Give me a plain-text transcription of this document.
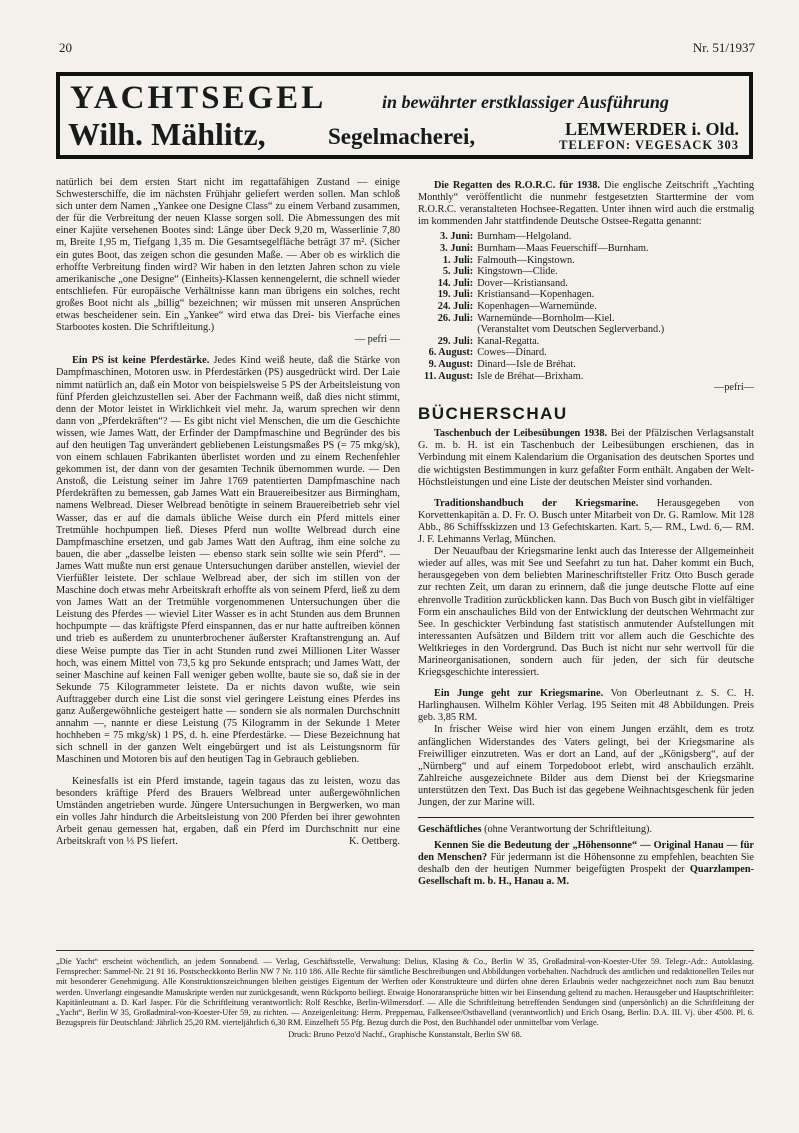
20	Nr. 51/1937
YACHTSEGEL	in bewährter erstklassiger Ausführung
Wilh. Mählitz,	Segelmacherei,	LEMWERDER i. Old.
TELEFON: VEGESACK 303

natürlich bei dem ersten Start nicht im regattafähigen Zustand — einige Schwesterschiffe, die im nächsten Frühjahr geliefert werden sollen. Man schloß sich unter dem Namen „Yankee one Designe Class“ zu einem Verband zusammen, der für die Verbreitung der neuen Klasse sorgen soll. Die Abmessungen des mit einer Kajüte versehenen Bootes sind: Länge über Deck 9,20 m, Wasserlinie 7,80 m, Breite 1,95 m, Tiefgang 1,35 m. Die Gesamtsegelfläche beträgt 37 m². (Sicher ein gutes Boot, das zeigen schon die gesunden Maße. — Aber ob es wirklich die erhoffte Verbreitung finden wird? Wir haben in den letzten Jahren schon zu viele amerikanische „one Designe“ (Einheits)-Klassen kennengelernt, die schnell wieder entschliefen. Für europäische Verhältnisse kann man übrigens ein solches, recht großes Boot nicht als „billig“ bezeichnen; wir müssen mit unseren Ansprüchen etwas bescheidener sein. Ein „Yankee“ wird etwa das Drei- bis Vierfache eines Starbootes kosten. Die Schriftleitung.)

— pefri —

Ein PS ist keine Pferdestärke. Jedes Kind weiß heute, daß die Stärke von Dampfmaschinen, Motoren usw. in Pferdestärken (PS) ausgedrückt wird. Der Laie nimmt natürlich an, daß ein Motor von beispielsweise 5 PS der Arbeitsleistung von fünf Pferden gleichzustellen sei. Aber der Fachmann weiß, daß dies nicht stimmt, denn der Motor leistet in Wirklichkeit viel mehr. Ja, warum sprechen wir denn dann von „Pferdekräften“? — Es gibt nicht viel Menschen, die um die Geschichte wissen, wie James Watt, der Erfinder der Dampfmaschine und Begründer des bis auf den heutigen Tag unverändert gebliebenen Leistungsmaßes PS (= 75 mkg/sk), von einem schlauen Fabrikanten überlistet worden und zu einem Rechenfehler gekommen ist, der dann von der gesamten Technik übernommen wurde. — Den Anstoß, die Leistung seiner im Jahre 1769 patentierten Dampfmaschine nach Pferdekräften zu bemessen, gab James Watt ein Brauereibesitzer aus Birmingham, namens Welbread. Dieser Welbread benötigte in seinem Brauereibetrieb sehr viel Wasser, das er auf die damals übliche Weise durch ein Pferd mittels einer Tretmühle hochpumpen ließ. Dieses Pferd nun wollte Welbread durch eine Dampfmaschine ersetzen, und gab James Watt den Auftrag, ihm eine solche zu bauen, die aber „dasselbe leisten — ebenso stark sein sollte wie sein Pferd“. — James Watt mußte nun erst genaue Untersuchungen darüber anstellen, wieviel der Vierfüßler leistete. Der schlaue Welbread aber, der sich im stillen von der Maschine doch etwas mehr Arbeitskraft erhoffte als von seinem Pferd, ließ zu dem von James Watt an der Tretmühle vorgenommenen Untersuchungen über die Leistung des Pferdes — wieviel Liter Wasser es in acht Stunden aus dem Brunnen hochpumpte — das kräftigste Pferd einspannen, das er nur hatte auftreiben können und trieb es außerdem zu ununterbrochener äußerster Kraftanstrengung an. Auf diese Weise pumpte das Tier in acht Stunden rund zwei Millionen Liter Wasser hoch, was einem Mittel von 73,5 kg pro Sekunde entsprach; und James Watt, der seiner Maschine auf keinen Fall weniger geben wollte, baute sie so, daß sie in der Sekunde 75 Kilogrammeter leistete. Da er nichts davon wußte, wie sein Auftraggeber durch eine List die sonst viel geringere Leistung eines Pferdes ins ganz Außergewöhnliche gesteigert hatte — sondern sie als normalen Durchschnitt annahm —, nannte er diese Leistung (75 Kilogramm in der Sekunde 1 Meter hochheben = 75 mkg/sk) 1 PS, d. h. eine Pferdestärke. — Diese Bezeichnung hat sich schnell in der ganzen Welt eingebürgert und ist als Leistungsnorm für Maschinen und Motoren bis auf den heutigen Tag in Gebrauch geblieben.

Keinesfalls ist ein Pferd imstande, tagein tagaus das zu leisten, wozu das besonders kräftige Pferd des Brauers Welbread unter außergewöhnlichen Umständen angetrieben wurde. Jüngere Untersuchungen in Bergwerken, wo man ein volles Jahr hindurch die Arbeitsleistung von 200 Pferden bei ihrer gewohnten Arbeit genau gemessen hat, ergaben, daß ein Pferd im Durchschnitt nur eine Arbeitskraft von ⅓ PS liefert.	K. Oettberg.

Die Regatten des R.O.R.C. für 1938. Die englische Zeitschrift „Yachting Monthly“ veröffentlicht die nunmehr festgesetzten Starttermine der vom R.O.R.C. veranstalteten Hochsee-Regatten. Unter ihnen wird auch die erstmalig im kommenden Jahr stattfindende Deutsche Ostsee-Regatta genannt:

3. Juni:	Burnham—Helgoland.
3. Juni:	Burnham—Maas Feuerschiff—Burnham.
1. Juli:	Falmouth—Kingstown.
5. Juli:	Kingstown—Clide.
14. Juli:	Dover—Kristiansand.
19. Juli:	Kristiansand—Kopenhagen.
24. Juli:	Kopenhagen—Warnemünde.
26. Juli:	Warnemünde—Bornholm—Kiel.
	(Veranstaltet vom Deutschen Seglerverband.)
29. Juli:	Kanal-Regatta.
6. August:	Cowes—Dinard.
9. August:	Dinard—Isle de Bréhat.
11. August:	Isle de Bréhat—Brixham.

—pefri—

BÜCHERSCHAU

Taschenbuch der Leibesübungen 1938. Bei der Pfälzischen Verlagsanstalt G. m. b. H. ist ein Taschenbuch der Leibesübungen erschienen, das in Verbindung mit einem Kalendarium die Organisation des deutschen Sportes und die wichtigsten Bestimmungen in kurz gefaßter Form enthält. Angaben der Welt-Höchstleistungen und eine Liste der deutschen Meister sind vorhanden.

Traditionshandbuch der Kriegsmarine. Herausgegeben von Korvettenkapitän a. D. Fr. O. Busch unter Mitarbeit von Dr. G. Ramlow. Mit 128 Abb., 86 Schiffsskizzen und 13 Gefechtskarten. Kart. 5,— RM., Lwd. 6,— RM. J. F. Lehmanns Verlag, München.

Der Neuaufbau der Kriegsmarine lenkt auch das Interesse der Allgemeinheit wieder auf alles, was mit See und Seefahrt zu tun hat. Daher kommt ein Buch, herausgegeben von dem beliebten Marineschriftsteller Fritz Otto Busch gerade zur rechten Zeit, um daran zu erinnern, daß die junge deutsche Flotte auf eine ehrenvolle Tradition zurückblicken kann. Das Buch von Busch gibt in vielfältiger Form ein anschauliches Bild von der Entwicklung der deutschen Wehrmacht zur See. In geschickter Verbindung fast statistisch anmutender Aufstellungen mit interessanten Aufsätzen und Bildern tritt vor allem auch die Geschichte des Weltkrieges in den Vordergrund. Das Buch ist nicht nur sehr wertvoll für die Marineorganisationen, sondern auch für jeden, der sich für deutsche Kriegsgeschichte interessiert.

Ein Junge geht zur Kriegsmarine. Von Oberleutnant z. S. C. H. Harlinghausen. Wilhelm Köhler Verlag. 195 Seiten mit 48 Abbildungen. Preis geb. 3,85 RM.

In frischer Weise wird hier von einem Jungen erzählt, dem es trotz anfänglichen Widerstandes des Vaters gelingt, bei der Kriegsmarine als Freiwilliger einzutreten. Was er dort an Land, auf der „Königsberg“, auf der „Nürnberg“ und auf einem Torpedoboot erlebt, wird anschaulich erzählt. Zahlreiche ausgezeichnete Bilder aus dem Dienst bei der Kriegsmarine unterstützen den Text. Das Buch ist das gegebene Weihnachtsgeschenk für jeden Jungen, der zur Marine will.

Geschäftliches (ohne Verantwortung der Schriftleitung).

Kennen Sie die Bedeutung der „Höhensonne“ — Original Hanau — für den Menschen? Für jedermann ist die Höhensonne zu empfehlen, beachten Sie deshalb den der heutigen Nummer beigefügten Prospekt der Quarzlampen-Gesellschaft m. b. H., Hanau a. M.

„Die Yacht“ erscheint wöchentlich, an jedem Sonnabend. — Verlag, Geschäftsstelle, Verwaltung: Delius, Klasing & Co., Berlin W 35, Großadmiral-von-Koester-Ufer 59. Telegr.-Adr.: Autoklasing. Fernsprecher: Sammel-Nr. 21 91 16. Postscheckkonto Berlin NW 7 Nr. 110 186. Alle Rechte für sämtliche Beschreibungen und Abbildungen vorbehalten. Nachdruck des amtlichen und redaktionellen Teiles nur mit besonderer Genehmigung. Alle Konstruktionszeichnungen bleiben geistiges Eigentum der Werften oder Konstrukteure und dürfen ohne deren Erlaubnis weder nachgezeichnet noch zum Bau benutzt werden. Unverlangt eingesandte Manuskripte werden nur zurückgesandt, wenn Rückporto beiliegt. Etwaige Honoraransprüche bitten wir bei Einsendung geltend zu machen. Herausgeber und Hauptschriftleiter: Kapitänleutnant a. D. Karl Jasper. Für die Schriftleitung verantwortlich: Rolf Reschke, Berlin-Wilmersdorf. — Alle die Schriftleitung betreffenden Sendungen sind (unpersönlich) an die Schriftleitung der „Yacht“, Berlin W 35, Großadmiral-von-Koester-Ufer 59, zu richten. — Anzeigenleitung: Herm. Preppernau, Falkensee/Osthavelland (verantwortlich) und Erich Osang, Berlin. D.A. III. Vj. über 4500. Pl. 6. Bezugspreis für Deutschland: Jährlich 25,20 RM. vierteljährlich 6,30 RM. Einzelheft 55 Pfg. Bezug durch die Post, den Buchhandel oder unmittelbar vom Verlage.

Druck: Bruno Petzo'd Nachf., Graphische Kunstanstalt, Berlin SW 68.
